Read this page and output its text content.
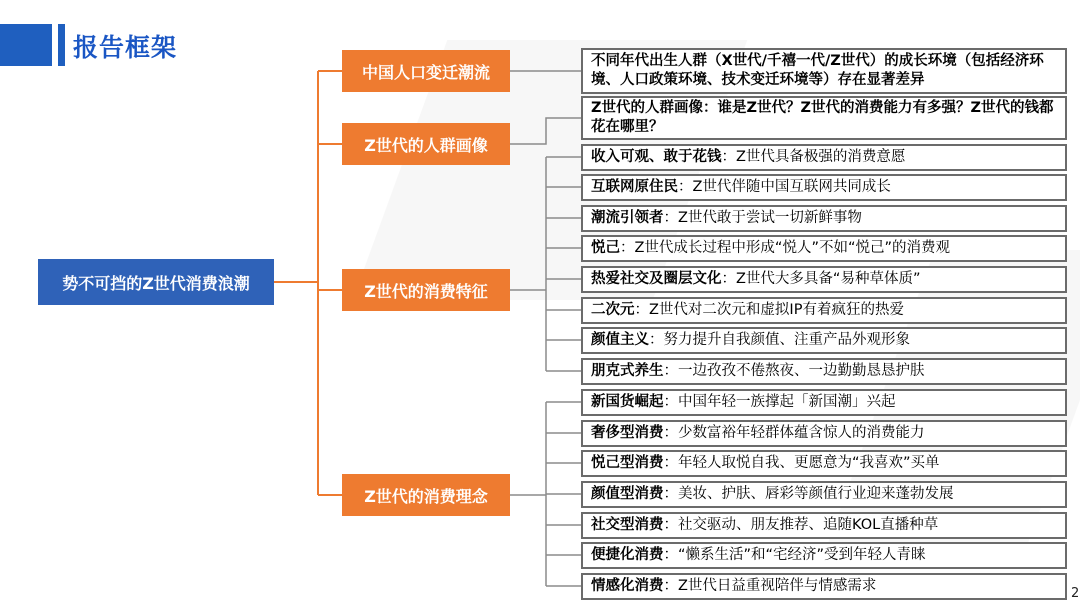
报告框架
势不可挡的Z世代消费浪潮
中国人口变迁潮流
Z世代的人群画像
Z世代的消费特征
Z世代的消费理念
不同年代出生人群（X世代/千禧一代/Z世代）的成长环境（包括经济环境、人口政策环境、技术变迁环境等）存在显著差异
Z世代的人群画像：谁是Z世代？Z世代的消费能力有多强？Z世代的钱都花在哪里？
收入可观、敢于花钱 ：Z世代具备极强的消费意愿
互联网原住民 ：Z世代伴随中国互联网共同成长
潮流引领者 ：Z世代敢于尝试一切新鲜事物
悦己 ：Z世代成长过程中形成“悦人”不如“悦己”的消费观
热爱社交及圈层文化 ：Z世代大多具备“易种草体质”
二次元 ：Z世代对二次元和虚拟IP有着疯狂的热爱
颜值主义 ：努力提升自我颜值、注重产品外观形象
朋克式养生 ：一边孜孜不倦熬夜、一边勤勤恳恳护肤
新国货崛起 ：中国年轻一族撑起「新国潮」兴起
奢侈型消费 ：少数富裕年轻群体蕴含惊人的消费能力
悦己型消费 ：年轻人取悦自我、更愿意为“我喜欢”买单
颜值型消费 ：美妆、护肤、唇彩等颜值行业迎来蓬勃发展
社交型消费 ：社交驱动、朋友推荐、追随KOL直播种草
便捷化消费 ：“懒系生活”和“宅经济”受到年轻人青睐
情感化消费 ：Z世代日益重视陪伴与情感需求	2
